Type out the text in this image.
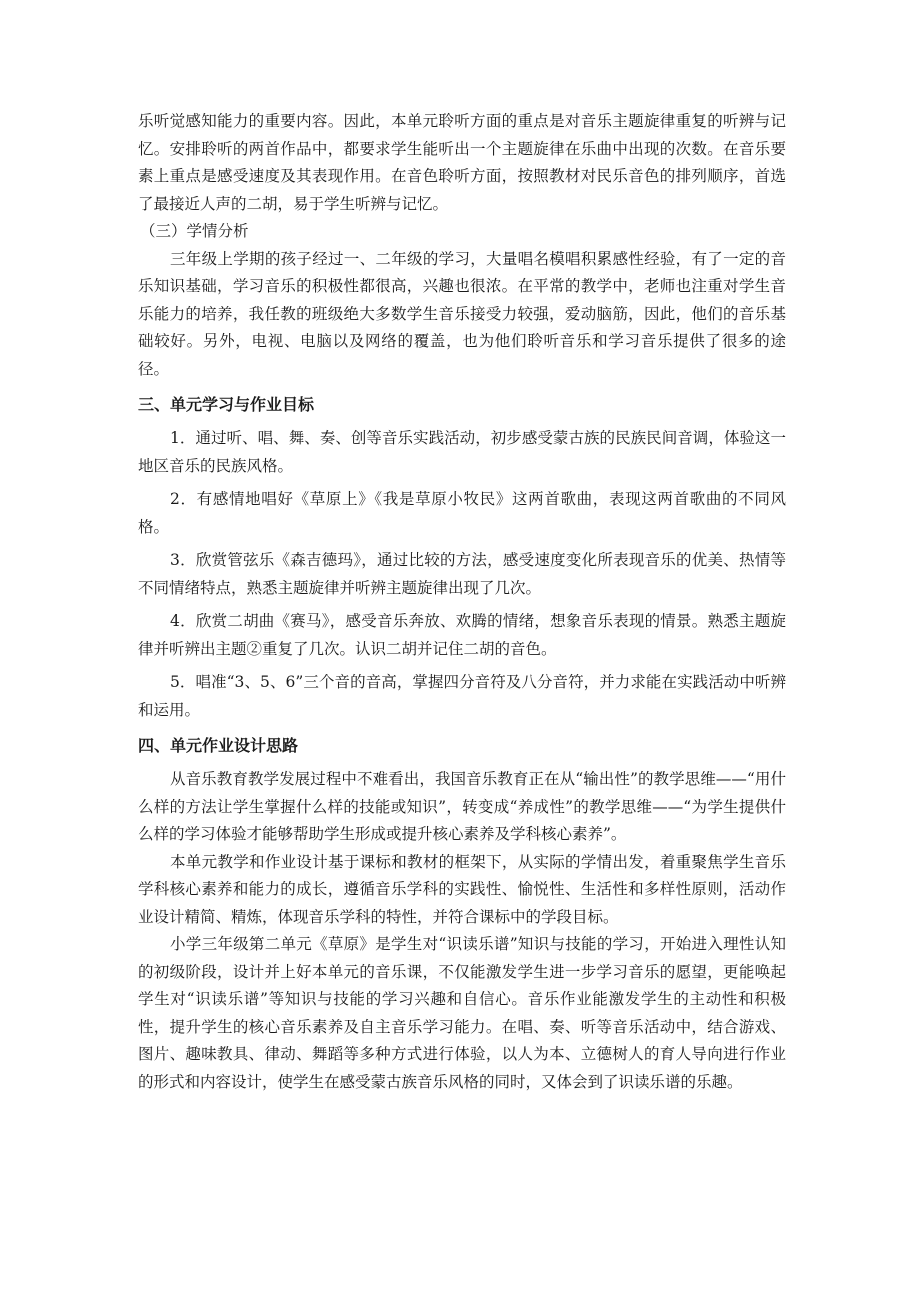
乐听觉感知能力的重要内容。因此，本单元聆听方面的重点是对音乐主题旋律重复的听辨与记忆。安排聆听的两首作品中，都要求学生能听出一个主题旋律在乐曲中出现的次数。在音乐要素上重点是感受速度及其表现作用。在音色聆听方面，按照教材对民乐音色的排列顺序，首选了最接近人声的二胡，易于学生听辨与记忆。

（三）学情分析

三年级上学期的孩子经过一、二年级的学习，大量唱名模唱积累感性经验，有了一定的音乐知识基础，学习音乐的积极性都很高，兴趣也很浓。在平常的教学中，老师也注重对学生音乐能力的培养，我任教的班级绝大多数学生音乐接受力较强，爱动脑筋，因此，他们的音乐基础较好。另外，电视、电脑以及网络的覆盖，也为他们聆听音乐和学习音乐提供了很多的途径。

三、单元学习与作业目标

1．通过听、唱、舞、奏、创等音乐实践活动，初步感受蒙古族的民族民间音调，体验这一地区音乐的民族风格。

2．有感情地唱好《草原上》《我是草原小牧民》这两首歌曲，表现这两首歌曲的不同风格。

3．欣赏管弦乐《森吉德玛》，通过比较的方法，感受速度变化所表现音乐的优美、热情等不同情绪特点，熟悉主题旋律并听辨主题旋律出现了几次。

4．欣赏二胡曲《赛马》，感受音乐奔放、欢腾的情绪，想象音乐表现的情景。熟悉主题旋律并听辨出主题②重复了几次。认识二胡并记住二胡的音色。

5．唱准“3、5、6”三个音的音高，掌握四分音符及八分音符，并力求能在实践活动中听辨和运用。

四、单元作业设计思路

从音乐教育教学发展过程中不难看出，我国音乐教育正在从“输出性”的教学思维——“用什么样的方法让学生掌握什么样的技能或知识”，转变成“养成性”的教学思维——“为学生提供什么样的学习体验才能够帮助学生形成或提升核心素养及学科核心素养”。

本单元教学和作业设计基于课标和教材的框架下，从实际的学情出发，着重聚焦学生音乐学科核心素养和能力的成长，遵循音乐学科的实践性、愉悦性、生活性和多样性原则，活动作业设计精简、精炼，体现音乐学科的特性，并符合课标中的学段目标。

小学三年级第二单元《草原》是学生对“识读乐谱”知识与技能的学习，开始进入理性认知的初级阶段，设计并上好本单元的音乐课，不仅能激发学生进一步学习音乐的愿望，更能唤起学生对“识读乐谱”等知识与技能的学习兴趣和自信心。音乐作业能激发学生的主动性和积极性，提升学生的核心音乐素养及自主音乐学习能力。在唱、奏、听等音乐活动中，结合游戏、图片、趣味教具、律动、舞蹈等多种方式进行体验，以人为本、立德树人的育人导向进行作业的形式和内容设计，使学生在感受蒙古族音乐风格的同时，又体会到了识读乐谱的乐趣。
